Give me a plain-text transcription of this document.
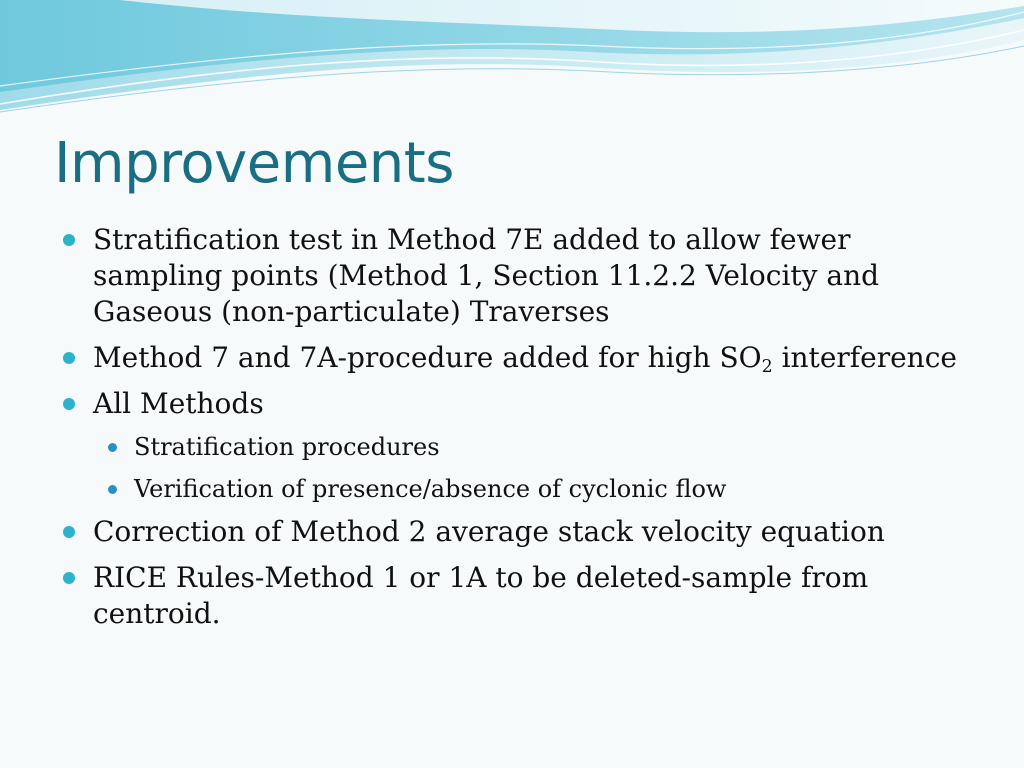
Improvements
Stratification test in Method 7E added to allow fewer sampling points (Method 1, Section 11.2.2 Velocity and Gaseous (non-particulate) Traverses
Method 7 and 7A-procedure added for high $SO_2$ interference
All Methods
Stratification procedures
Verification of presence/absence of cyclonic flow
Correction of Method 2 average stack velocity equation
RICE Rules-Method 1 or 1A to be deleted-sample from centroid.
